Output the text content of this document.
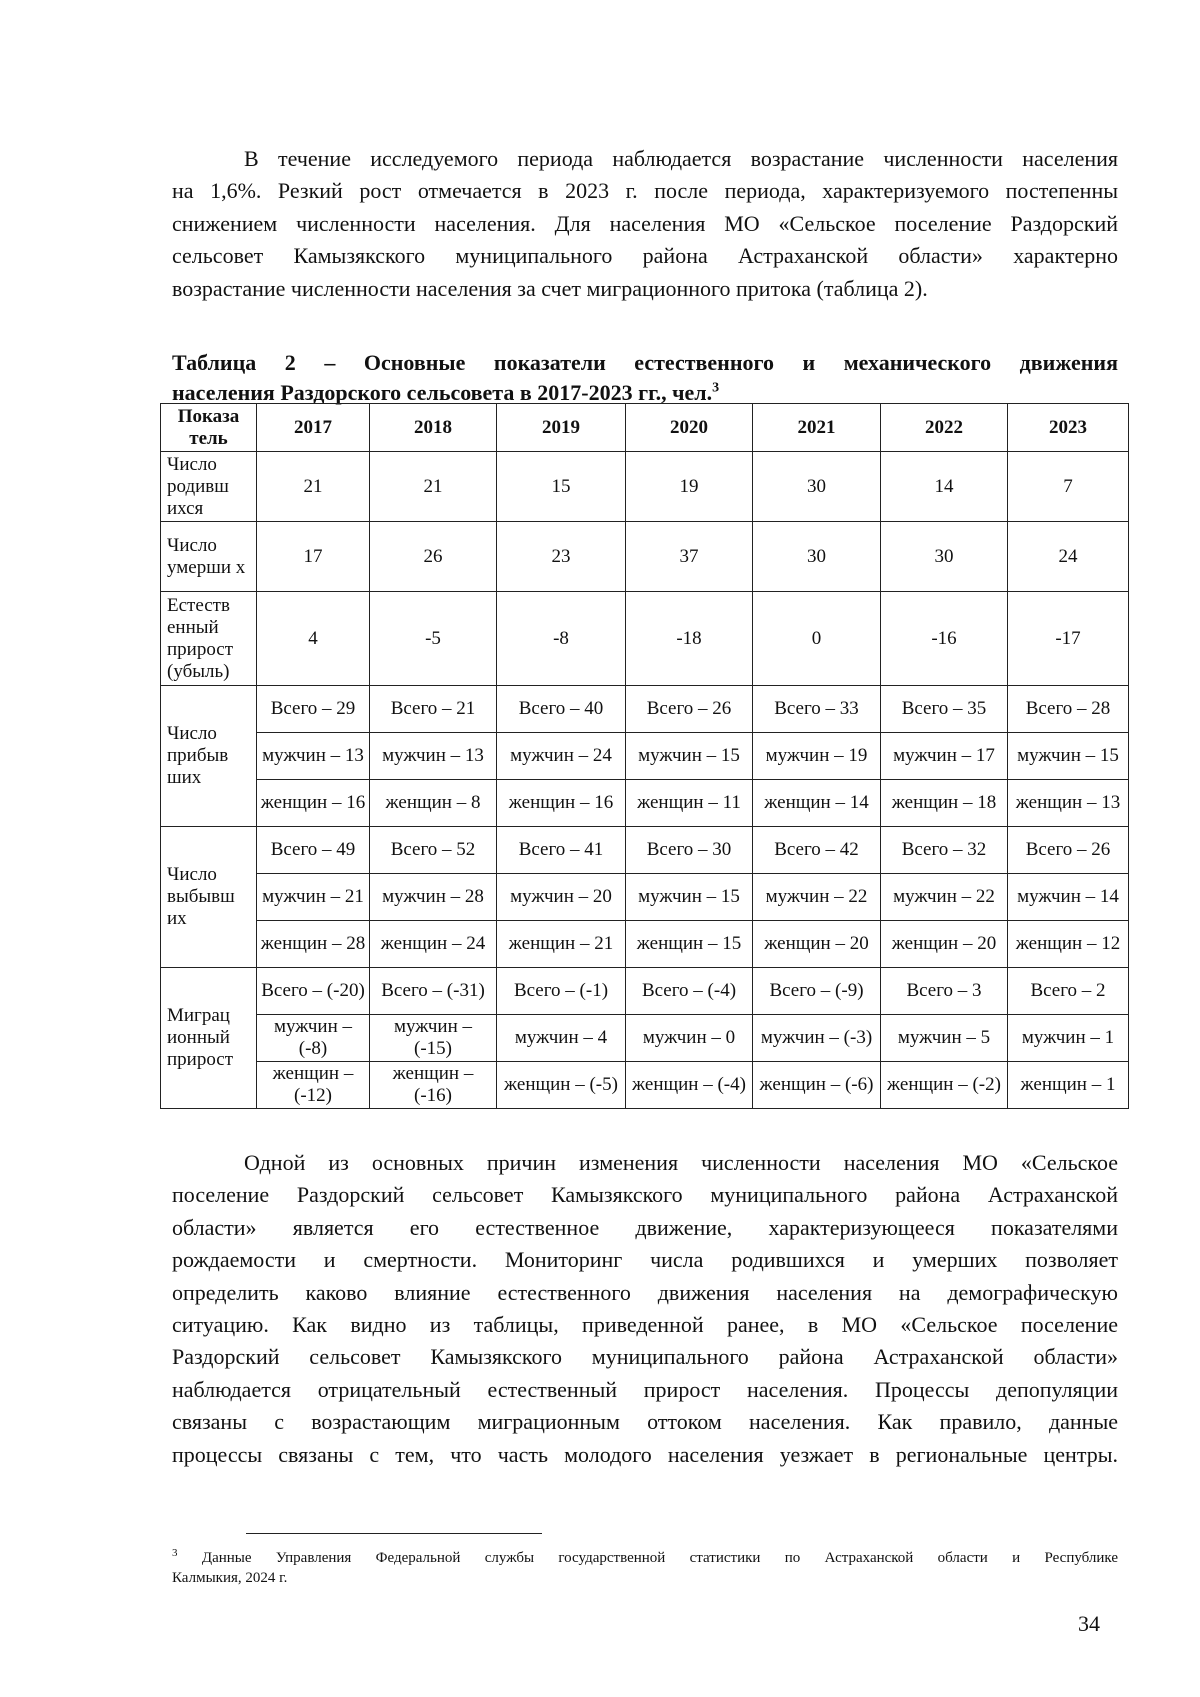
В течение исследуемого периода наблюдается возрастание численности населения
на 1,6%. Резкий рост отмечается в 2023 г. после периода, характеризуемого постепенны
снижением численности населения. Для населения МО «Сельское поселение Раздорский
сельсовет Камызякского муниципального района Астраханской области» характерно
возрастание численности населения за счет миграционного притока (таблица 2).
Таблица 2 – Основные показатели естественного и механического движения
населения Раздорского сельсовета в 2017-2023 гг., чел.$^3$
Показа тель	2017	2018	2019	2020	2021	2022	2023
Число родивш ихся	21	21	15	19	30	14	7
Число умерши х	17	26	23	37	30	30	24
Естеств енный прирост (убыль)	4	-5	-8	-18	0	-16	-17
Число прибыв ших	Всего – 29	Всего – 21	Всего – 40	Всего – 26	Всего – 33	Всего – 35	Всего – 28
	мужчин – 13	мужчин – 13	мужчин – 24	мужчин – 15	мужчин – 19	мужчин – 17	мужчин – 15
	женщин – 16	женщин – 8	женщин – 16	женщин – 11	женщин – 14	женщин – 18	женщин – 13
Число выбывш их	Всего – 49	Всего – 52	Всего – 41	Всего – 30	Всего – 42	Всего – 32	Всего – 26
	мужчин – 21	мужчин – 28	мужчин – 20	мужчин – 15	мужчин – 22	мужчин – 22	мужчин – 14
	женщин – 28	женщин – 24	женщин – 21	женщин – 15	женщин – 20	женщин – 20	женщин – 12
Миграц ионный прирост	Всего – (-20)	Всего – (-31)	Всего – (-1)	Всего – (-4)	Всего – (-9)	Всего – 3	Всего – 2
	мужчин – (-8)	мужчин – (-15)	мужчин – 4	мужчин – 0	мужчин – (-3)	мужчин – 5	мужчин – 1
	женщин – (-12)	женщин – (-16)	женщин – (-5)	женщин – (-4)	женщин – (-6)	женщин – (-2)	женщин – 1
Одной из основных причин изменения численности населения МО «Сельское
поселение Раздорский сельсовет Камызякского муниципального района Астраханской
области» является его естественное движение, характеризующееся показателями
рождаемости и смертности. Мониторинг числа родившихся и умерших позволяет
определить каково влияние естественного движения населения на демографическую
ситуацию. Как видно из таблицы, приведенной ранее, в МО «Сельское поселение
Раздорский сельсовет Камызякского муниципального района Астраханской области»
наблюдается отрицательный естественный прирост населения. Процессы депопуляции
связаны с возрастающим миграционным оттоком населения. Как правило, данные
процессы связаны с тем, что часть молодого населения уезжает в региональные центры.
$^3$ Данные Управления Федеральной службы государственной статистики по Астраханской области и Республике
Калмыкия, 2024 г.
34
